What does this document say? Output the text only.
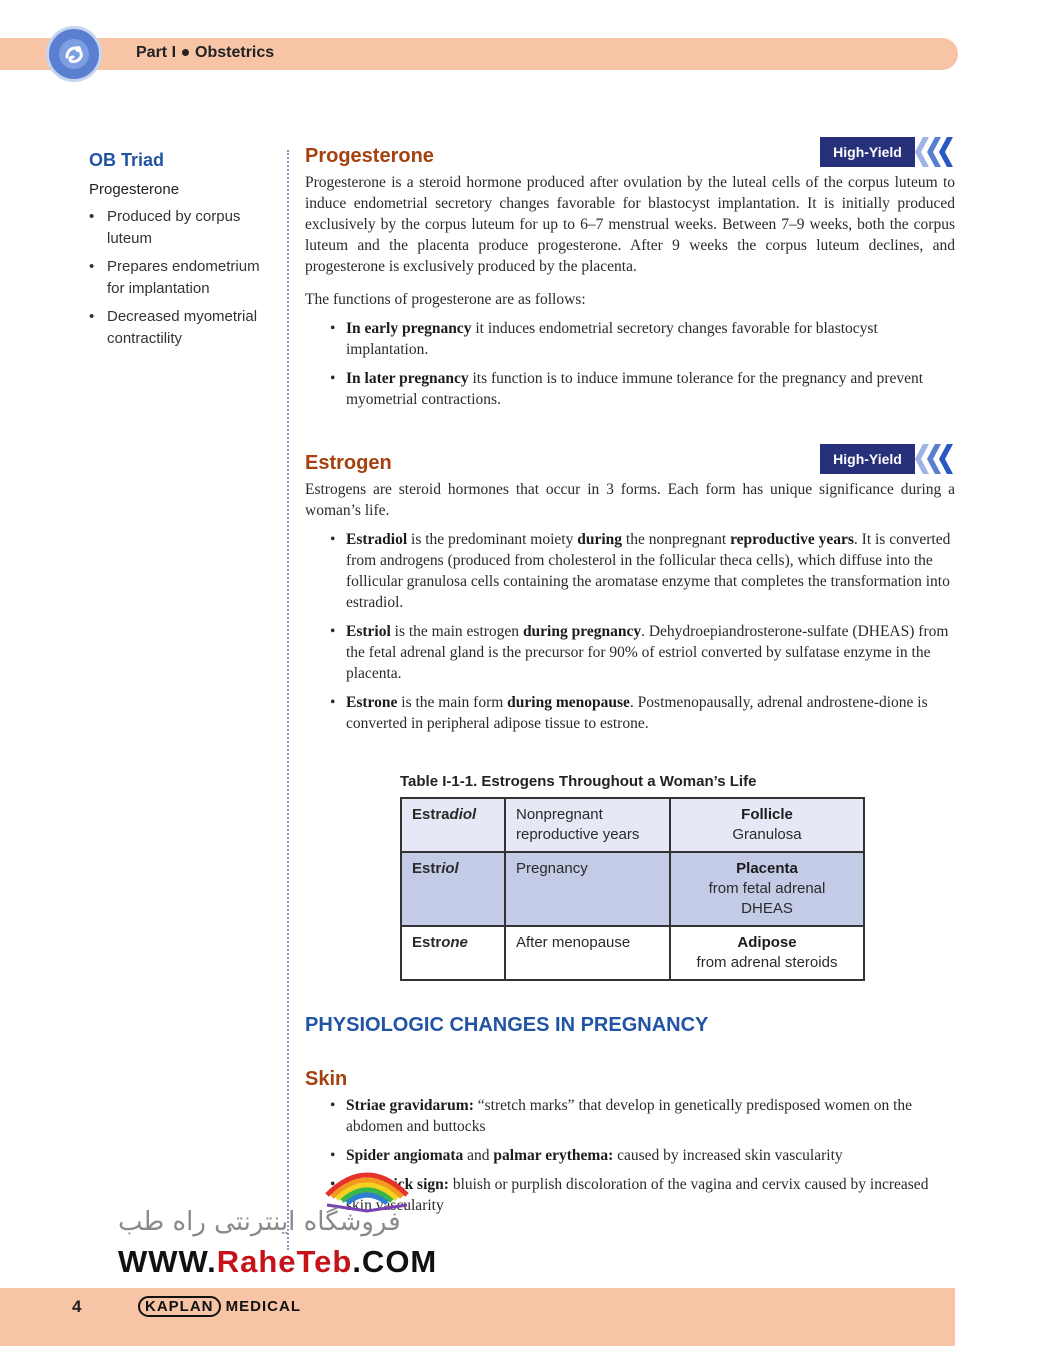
Part I Obstetrics
OB Triad
Progesterone
• Produced by corpus luteum
• Prepares endometrium for implantation
• Decreased myometrial contractility
High-Yield
Progesterone

Progesterone is a steroid hormone produced after ovulation by the luteal cells of the corpus luteum to induce endometrial secretory changes favorable for blastocyst implantation. It is initially produced exclusively by the corpus luteum for up to 6–7 menstrual weeks. Between 7–9 weeks, both the corpus luteum and the placenta produce progesterone. After 9 weeks the corpus luteum declines, and progesterone is exclusively produced by the placenta.

The functions of progesterone are as follows:

• In early pregnancy it induces endometrial secretory changes favorable for blastocyst implantation.
• In later pregnancy its function is to induce immune tolerance for the pregnancy and prevent myometrial contractions.
High-Yield
Estrogen

Estrogens are steroid hormones that occur in 3 forms. Each form has unique significance during a woman’s life.

• Estradiol is the predominant moiety during the nonpregnant reproductive years. It is converted from androgens (produced from cholesterol in the follicular theca cells), which diffuse into the follicular granulosa cells containing the aromatase enzyme that completes the transformation into estradiol.
• Estriol is the main estrogen during pregnancy. Dehydroepiandrosterone-sulfate (DHEAS) from the fetal adrenal gland is the precursor for 90% of estriol converted by sulfatase enzyme in the placenta.
• Estrone is the main form during menopause. Postmenopausally, adrenal androstene-dione is converted in peripheral adipose tissue to estrone.
Table I-1-1. Estrogens Throughout a Woman’s Life
Estradiol	Nonpregnant reproductive years	Follicle
Granulosa
Estriol	Pregnancy	Placenta
from fetal adrenal DHEAS
Estrone	After menopause	Adipose
from adrenal steroids
PHYSIOLOGIC CHANGES IN PREGNANCY
Skin
• Striae gravidarum: “stretch marks” that develop in genetically predisposed women on the abdomen and buttocks
• Spider angiomata and palmar erythema: caused by increased skin vascularity
• Chadwick sign: bluish or purplish discoloration of the vagina and cervix caused by increased skin vascularity
فروشگاه اینترنتی راه طب
WWW.RaheTeb.COM
4	KAPLAN MEDICAL
